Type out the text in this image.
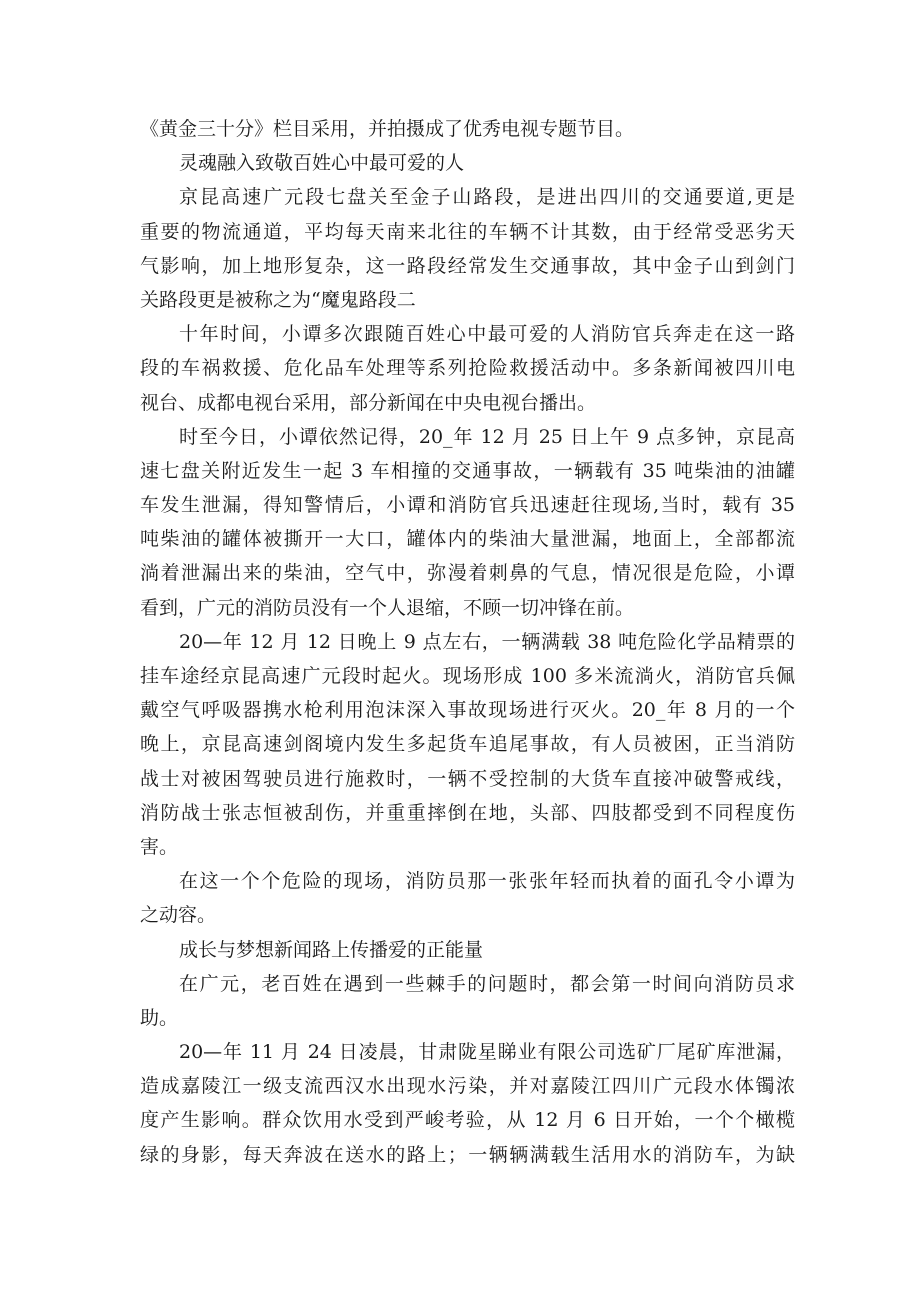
《黄金三十分》栏目采用，并拍摄成了优秀电视专题节目。
灵魂融入致敬百姓心中最可爱的人
京昆高速广元段七盘关至金子山路段，是进出四川的交通要道,更是
重要的物流通道，平均每天南来北往的车辆不计其数，由于经常受恶劣天
气影响，加上地形复杂，这一路段经常发生交通事故，其中金子山到剑门
关路段更是被称之为“魔鬼路段二
十年时间，小谭多次跟随百姓心中最可爱的人消防官兵奔走在这一路
段的车祸救援、危化品车处理等系列抢险救援活动中。多条新闻被四川电
视台、成都电视台采用，部分新闻在中央电视台播出。
时至今日，小谭依然记得，20_年 12 月 25 日上午 9 点多钟，京昆高
速七盘关附近发生一起 3 车相撞的交通事故，一辆载有 35 吨柴油的油罐
车发生泄漏，得知警情后，小谭和消防官兵迅速赶往现场,当时，载有 35
吨柴油的罐体被撕开一大口，罐体内的柴油大量泄漏，地面上，全部都流
淌着泄漏出来的柴油，空气中，弥漫着刺鼻的气息，情况很是危险，小谭
看到，广元的消防员没有一个人退缩，不顾一切冲锋在前。
20—年 12 月 12 日晚上 9 点左右，一辆满载 38 吨危险化学品精票的
挂车途经京昆高速广元段时起火。现场形成 100 多米流淌火，消防官兵佩
戴空气呼吸器携水枪利用泡沫深入事故现场进行灭火。20_年 8 月的一个
晚上，京昆高速剑阁境内发生多起货车追尾事故，有人员被困，正当消防
战士对被困驾驶员进行施救时，一辆不受控制的大货车直接冲破警戒线，
消防战士张志恒被刮伤，并重重摔倒在地，头部、四肢都受到不同程度伤
害。
在这一个个危险的现场，消防员那一张张年轻而执着的面孔令小谭为
之动容。
成长与梦想新闻路上传播爱的正能量
在广元，老百姓在遇到一些棘手的问题时，都会第一时间向消防员求
助。
20—年 11 月 24 日凌晨，甘肃陇星睇业有限公司选矿厂尾矿库泄漏，
造成嘉陵江一级支流西汉水出现水污染，并对嘉陵江四川广元段水体镯浓
度产生影响。群众饮用水受到严峻考验，从 12 月 6 日开始，一个个橄榄
绿的身影，每天奔波在送水的路上；一辆辆满载生活用水的消防车，为缺
